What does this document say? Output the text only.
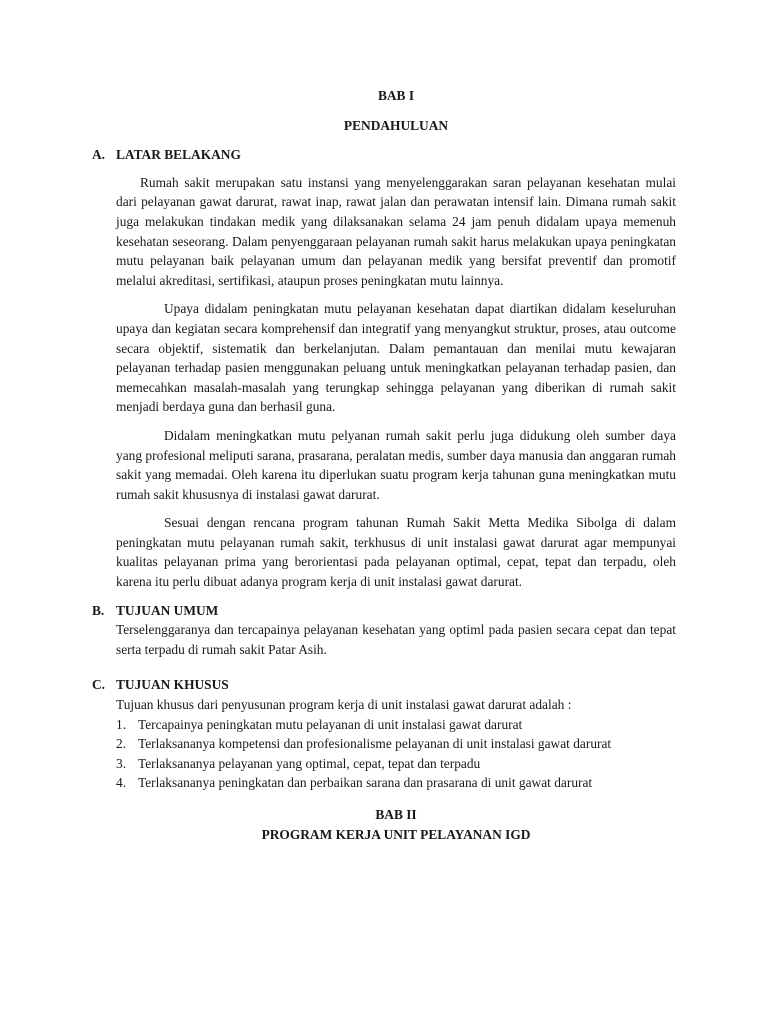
BAB I
PENDAHULUAN
A. LATAR BELAKANG

Rumah sakit merupakan satu instansi yang menyelenggarakan saran pelayanan kesehatan mulai dari pelayanan gawat darurat, rawat inap, rawat jalan dan perawatan intensif lain. Dimana rumah sakit juga melakukan tindakan medik yang dilaksanakan selama 24 jam penuh didalam upaya memenuh kesehatan seseorang. Dalam penyenggaraan pelayanan rumah sakit harus melakukan upaya peningkatan mutu pelayanan baik pelayanan umum dan pelayanan medik yang bersifat preventif dan promotif melalui akreditasi, sertifikasi, ataupun proses peningkatan mutu lainnya.

Upaya didalam peningkatan mutu pelayanan kesehatan dapat diartikan didalam keseluruhan upaya dan kegiatan secara komprehensif dan integratif yang menyangkut struktur, proses, atau outcome secara objektif, sistematik dan berkelanjutan. Dalam pemantauan dan menilai mutu kewajaran pelayanan terhadap pasien menggunakan peluang untuk meningkatkan pelayanan terhadap pasien, dan memecahkan masalah-masalah yang terungkap sehingga pelayanan yang diberikan di rumah sakit menjadi berdaya guna dan berhasil guna.

Didalam meningkatkan mutu pelyanan rumah sakit perlu juga didukung oleh sumber daya yang profesional meliputi sarana, prasarana, peralatan medis, sumber daya manusia dan anggaran rumah sakit yang memadai. Oleh karena itu diperlukan suatu program kerja tahunan guna meningkatkan mutu rumah sakit khususnya di instalasi gawat darurat.

Sesuai dengan rencana program tahunan Rumah Sakit Metta Medika Sibolga di dalam peningkatan mutu pelayanan rumah sakit, terkhusus di unit instalasi gawat darurat agar mempunyai kualitas pelayanan prima yang berorientasi pada pelayanan optimal, cepat, tepat dan terpadu, oleh karena itu perlu dibuat adanya program kerja di unit instalasi gawat darurat.

B. TUJUAN UMUM

Terselenggaranya dan tercapainya pelayanan kesehatan yang optiml pada pasien secara cepat dan tepat serta terpadu di rumah sakit Patar Asih.

C. TUJUAN KHUSUS

Tujuan khusus dari penyusunan program kerja di unit instalasi gawat darurat adalah :

1. Tercapainya peningkatan mutu pelayanan di unit instalasi gawat darurat
2. Terlaksananya kompetensi dan profesionalisme pelayanan di unit instalasi gawat darurat
3. Terlaksananya pelayanan yang optimal, cepat, tepat dan terpadu
4. Terlaksananya peningkatan dan perbaikan sarana dan prasarana di unit gawat darurat
BAB II
PROGRAM KERJA UNIT PELAYANAN IGD
